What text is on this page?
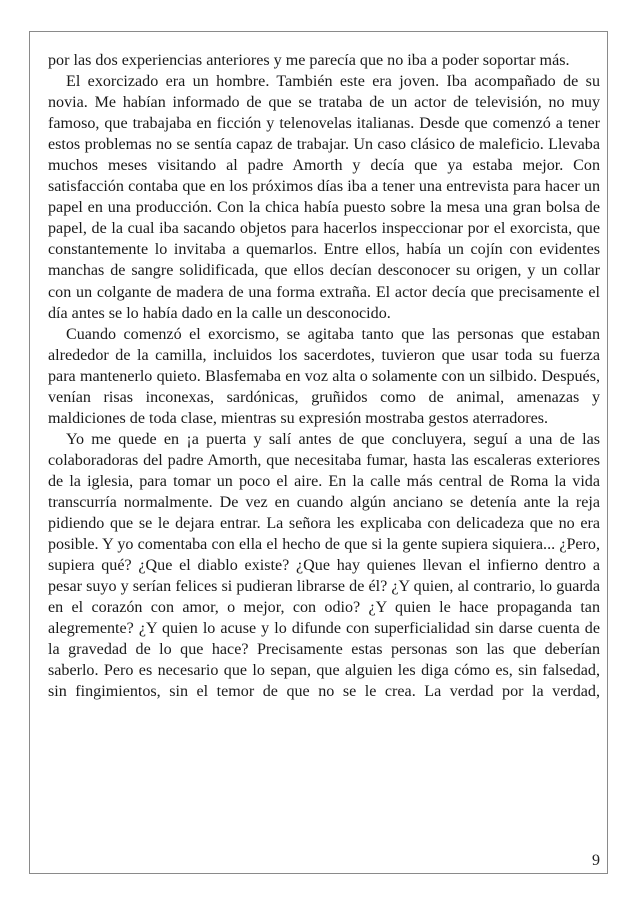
por las dos experiencias anteriores y me parecía que no iba a poder soportar más.

El exorcizado era un hombre. También este era joven. Iba acompañado de su novia. Me habían informado de que se trataba de un actor de televisión, no muy famoso, que trabajaba en ficción y telenovelas italianas. Desde que comenzó a tener estos problemas no se sentía capaz de trabajar. Un caso clásico de maleficio. Llevaba muchos meses visitando al padre Amorth y decía que ya estaba mejor. Con satisfacción contaba que en los próximos días iba a tener una entrevista para hacer un papel en una producción. Con la chica había puesto sobre la mesa una gran bolsa de papel, de la cual iba sacando objetos para hacerlos inspeccionar por el exorcista, que constantemente lo invitaba a quemarlos. Entre ellos, había un cojín con evidentes manchas de sangre solidificada, que ellos decían desconocer su origen, y un collar con un colgante de madera de una forma extraña. El actor decía que precisamente el día antes se lo había dado en la calle un desconocido.

Cuando comenzó el exorcismo, se agitaba tanto que las personas que estaban alrededor de la camilla, incluidos los sacerdotes, tuvieron que usar toda su fuerza para mantenerlo quieto. Blasfemaba en voz alta o solamente con un silbido. Después, venían risas inconexas, sardónicas, gruñidos como de animal, amenazas y maldiciones de toda clase, mientras su expresión mostraba gestos aterradores.

Yo me quede en ¡a puerta y salí antes de que concluyera, seguí a una de las colaboradoras del padre Amorth, que necesitaba fumar, hasta las escaleras exteriores de la iglesia, para tomar un poco el aire. En la calle más central de Roma la vida transcurría normalmente. De vez en cuando algún anciano se detenía ante la reja pidiendo que se le dejara entrar. La señora les explicaba con delicadeza que no era posible. Y yo comentaba con ella el hecho de que si la gente supiera siquiera... ¿Pero, supiera qué? ¿Que el diablo existe? ¿Que hay quienes llevan el infierno dentro a pesar suyo y serían felices si pudieran librarse de él? ¿Y quien, al contrario, lo guarda en el corazón con amor, o mejor, con odio? ¿Y quien le hace propaganda tan alegremente? ¿Y quien lo acuse y lo difunde con superficialidad sin darse cuenta de la gravedad de lo que hace? Precisamente estas personas son las que deberían saberlo. Pero es necesario que lo sepan, que alguien les diga cómo es, sin falsedad, sin fingimientos, sin el temor de que no se le crea. La verdad por la verdad,

9
